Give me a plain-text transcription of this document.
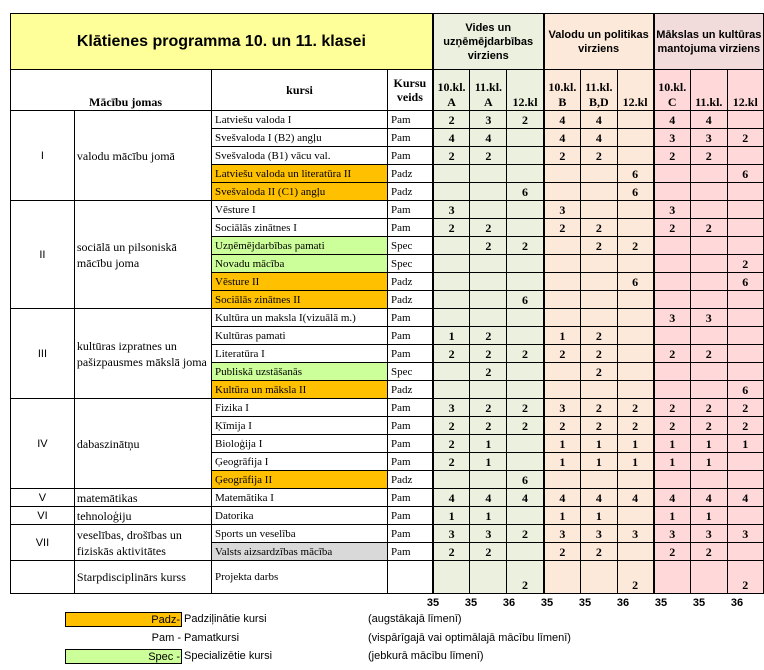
Klātienes programma 10. un 11. klasei				Vides un uzņēmējdarbības virziens			Valodu un politikas virziens			Mākslas un kultūras mantojuma virziens		

Mācību jomas		kursi	Kursu veids	10.kl. A	11.kl. A	12.kl	10.kl. B	11.kl. B,D	12.kl	10.kl. C	11.kl.	12.kl
I	valodu mācību jomā	Latviešu valoda I	Pam	2	3	2	4	4		4	4	
		Svešvaloda I (B2) angļu	Pam	4	4		4	4		3	3	2
		Svešvaloda (B1) vācu val.	Pam	2	2		2	2		2	2	
		Latviešu valoda un literatūra II	Padz						6			6
		Svešvaloda II (C1) angļu	Padz			6			6			
II	sociālā un pilsoniskā mācību joma	Vēsture I	Pam	3			3			3		
		Sociālās zinātnes I	Pam	2	2		2	2		2	2	
		Uzņēmējdarbības pamati	Spec		2	2		2	2			
		Novadu mācība	Spec									2
		Vēsture II	Padz						6			6
		Sociālās zinātnes II	Padz			6						
III	kultūras izpratnes un pašizpausmes mākslā joma	Kultūra un maksla I(vizuālā m.)	Pam							3	3	
		Kultūras pamati	Pam	1	2		1	2				
		Literatūra I	Pam	2	2	2	2	2		2	2	
		Publiskā uzstāšanās	Spec		2			2				
		Kultūra un māksla II	Padz									6
IV	dabaszinātņu	Fizika I	Pam	3	2	2	3	2	2	2	2	2
		Ķīmija I	Pam	2	2	2	2	2	2	2	2	2
		Bioloģija I	Pam	2	1		1	1	1	1	1	1
		Ģeogrāfija I	Pam	2	1		1	1	1	1	1	
		Ģeogrāfija II	Padz			6						
V	matemātikas	Matemātika I	Pam	4	4	4	4	4	4	4	4	4
VI	tehnoloģiju	Datorika	Pam	1	1		1	1		1	1	
VII	veselības, drošības un fiziskās aktivitātes	Sports un veselība	Pam	3	3	2	3	3	3	3	3	3
		Valsts aizsardzības mācība	Pam	2	2		2	2		2	2	
	Starpdisciplinārs kurss	Projekta darbs				2			2			2
35	35	36	35	35	36	35	35	36
Padz- Padziļinātie kursi	(augstākajā līmenī)
Pam - Pamatkursi	(vispārīgajā vai optimālajā mācību līmenī)
Spec - Specializētie kursi	(jebkurā mācību līmenī)
